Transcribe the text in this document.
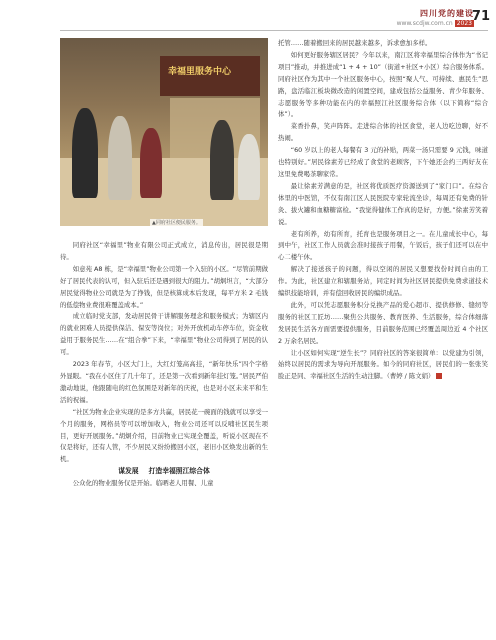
四川党的建设
www.scdjw.com.cn 2023 71
幸福里服务中心
▲同府社区便民服务。

同府社区“幸福里”物业有限公司正式成立，消息传出，居民很是期待。

如意苑 A8 栋，是“幸福里”物业公司第一个入驻的小区。“尽管前期做好了居民代表的认可，但入驻后还是遇到很大的阻力。”胡炯坦言，“大部分居民觉得物业公司就是为了挣钱，但是核算成本后发现，每平方米 2 毛钱的低偿物业费很难覆盖成本。”

成立临时党支部，发动居民骨干讲解服务理念和服务模式；为辖区内的就业困难人员提供保洁、保安等岗位；对外开放机动车停车位，资金收益用于服务民生……在“组合拳”下来，“幸福里”物业公司得到了居民的认可。

2023 年春节，小区大门上，大红灯笼高高挂，“新年快乐”四个字格外显眼。“我在小区住了几十年了，还是第一次看到新年挂灯笼。”居民严伯激动地说，他跟随电的红色氛围是对新年的庆祝，也是对小区未来平和生活的祝福。

“社区为物业企业实现的是多方共赢，居民花一碗面的钱就可以享受一个月的服务，网格员等可以增加收入，物业公司还可以反哺社区民生项目，更好开展服务。”胡炯介绍，目前物业已实现全覆盖，听说小区现在不仅是将好，还有人管，不少居民又纷纷搬回小区，老旧小区焕发出新的生机。

谋发展 打造幸福照江综合体

公众化的物业服务仅是开始。临晒老人用餐、儿童

托管……随着搬回来的居民越来越多，诉求愈加多样。

如何更好服务辖区居民？今年以来，南江区将幸福里综合体作为“书记项目”推动，并推进成“1 + 4 + 10”（街道+社区+小区）综合服务体系。同府社区作为其中一个社区服务中心，按照“聚人气、可持续、惠民生”思路，盘活临江板块微改造的闲置空间，建成包括公益服务、青少年服务、志愿服务等多种功能在内的幸福照江社区服务综合体（以下简称“综合体”）。

菜香扑鼻，笑声阵阵。走进综合体的社区食堂，老人边吃边聊，好不热闹。

“60 岁以上的老人每餐有 3 元的补贴，两菜一汤只需要 9 元钱，味道也特别好。”居民徐素芳已经成了食堂的老顾客，下午她还会约三两好友在这里免费喝茶聊家常。

最让徐素芳满意的是，社区将优质医疗资源送到了“家门口”。在综合体里的中医馆，不仅有南江区人民医院专家轮流坐诊，每周还有免费的针灸、拔火罐和血糖糖富检。“我觉得健体工作真的是好，方便。”徐素芳笑着说。

老有所养，幼有所育，托育也是服务项目之一。在儿童成长中心，每到中午，社区工作人员就会准时接孩子用餐，午饭后，孩子们还可以在中心二楼午休。

解决了接送孩子的问题，得以空闲的居民又想要找份时间自由的工作。为此，社区建立和辖服务站，同定时间为社区居民提供免费求道技术编织技能培训，并有偿回收居民的编织成品。

此外，可以凭志愿服务积分兑换产品的爱心超市、提供修修、缝纫等服务的社区工匠坊……聚焦公共服务、教育医养、生活服务，综合体细落发居民生活各方面需要提供服务，目前服务范围已经覆盖周边近 4 个社区 2 万余名居民。

让小区如何实现“逆生长”？同府社区的答案很简单：以党建为引领，始终以居民的需求为导向开展服务。如今的同府社区，居民们的一张张笑脸正是同、幸福社区生活的生动注脚。（曹婷 / 陈文娟）
